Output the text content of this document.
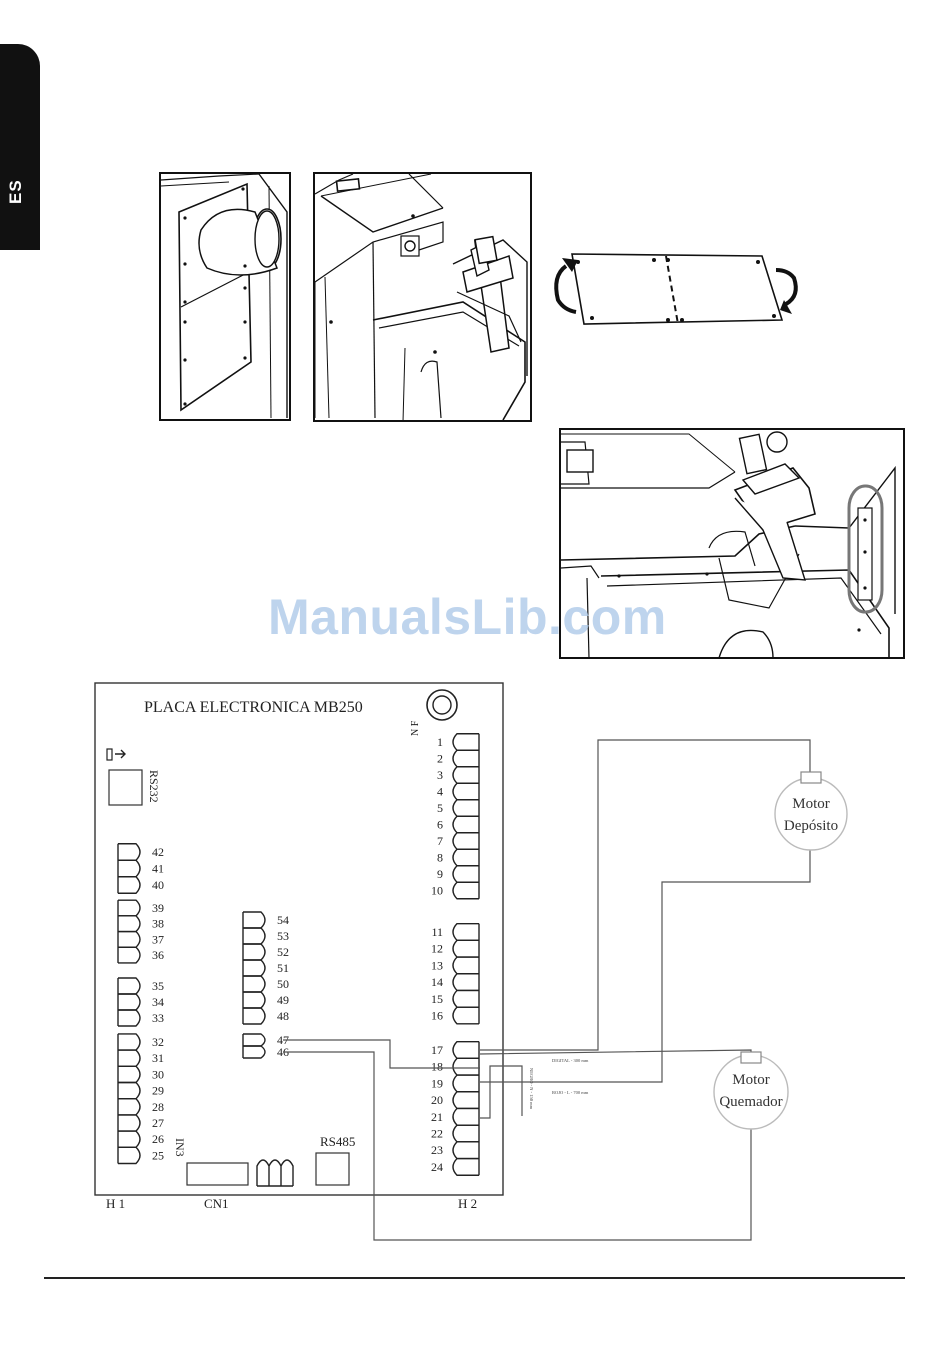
ES
ManualsLib.com
PLACA ELECTRONICA MB250
RS232
N F
42
41
40
39
38
37
36
35
34
33
32
31
30
29
28
27
26
25
54
53
52
51
50
49
48
47
46
1
2
3
4
5
6
7
8
9
10
11
12
13
14
15
16
17
18
19
20
21
22
23
24
CN1
IN3	RS485
H 1	H 2
DIGITAL - 300 mm
ROJO - L - 700 mm
NEGRO - N - 150 mm
Motor
Depósito
Motor
Quemador
